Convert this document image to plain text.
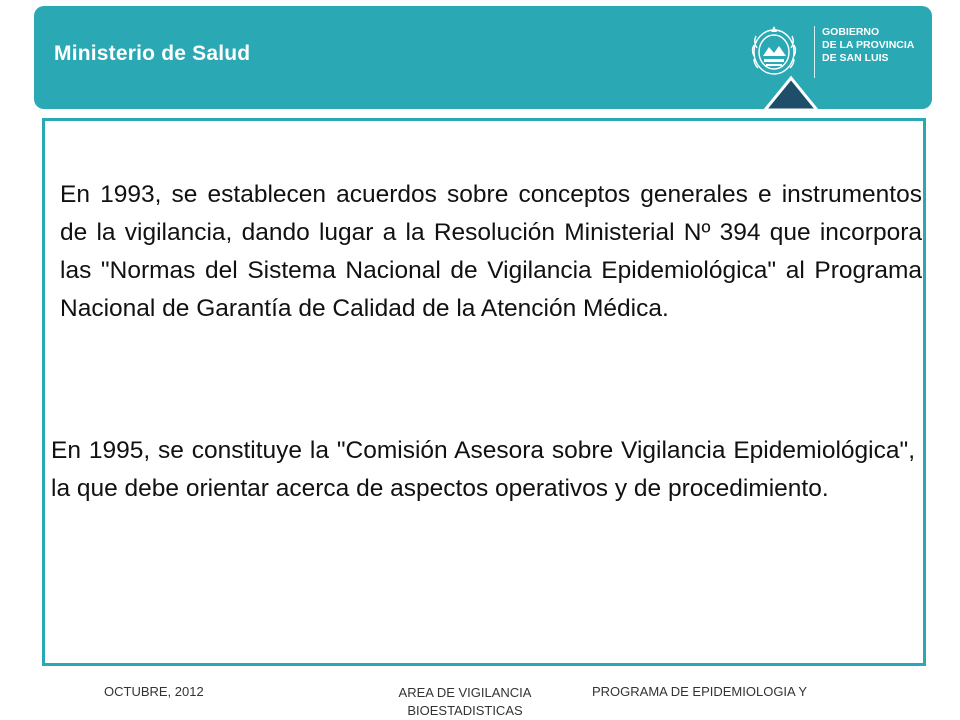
Ministerio de Salud
GOBIERNO
DE LA PROVINCIA
DE SAN LUIS

En 1993, se establecen acuerdos sobre conceptos generales e instrumentos de la vigilancia, dando lugar a la Resolución Ministerial Nº 394 que incorpora las "Normas del Sistema Nacional de Vigilancia Epidemiológica" al Programa Nacional de Garantía de Calidad de la Atención Médica.

En 1995, se constituye la "Comisión Asesora sobre Vigilancia Epidemiológica", la que debe orientar acerca de aspectos operativos y de procedimiento.

OCTUBRE, 2012	AREA DE VIGILANCIA
BIOESTADISTICAS
PROGRAMA DE EPIDEMIOLOGIA Y
